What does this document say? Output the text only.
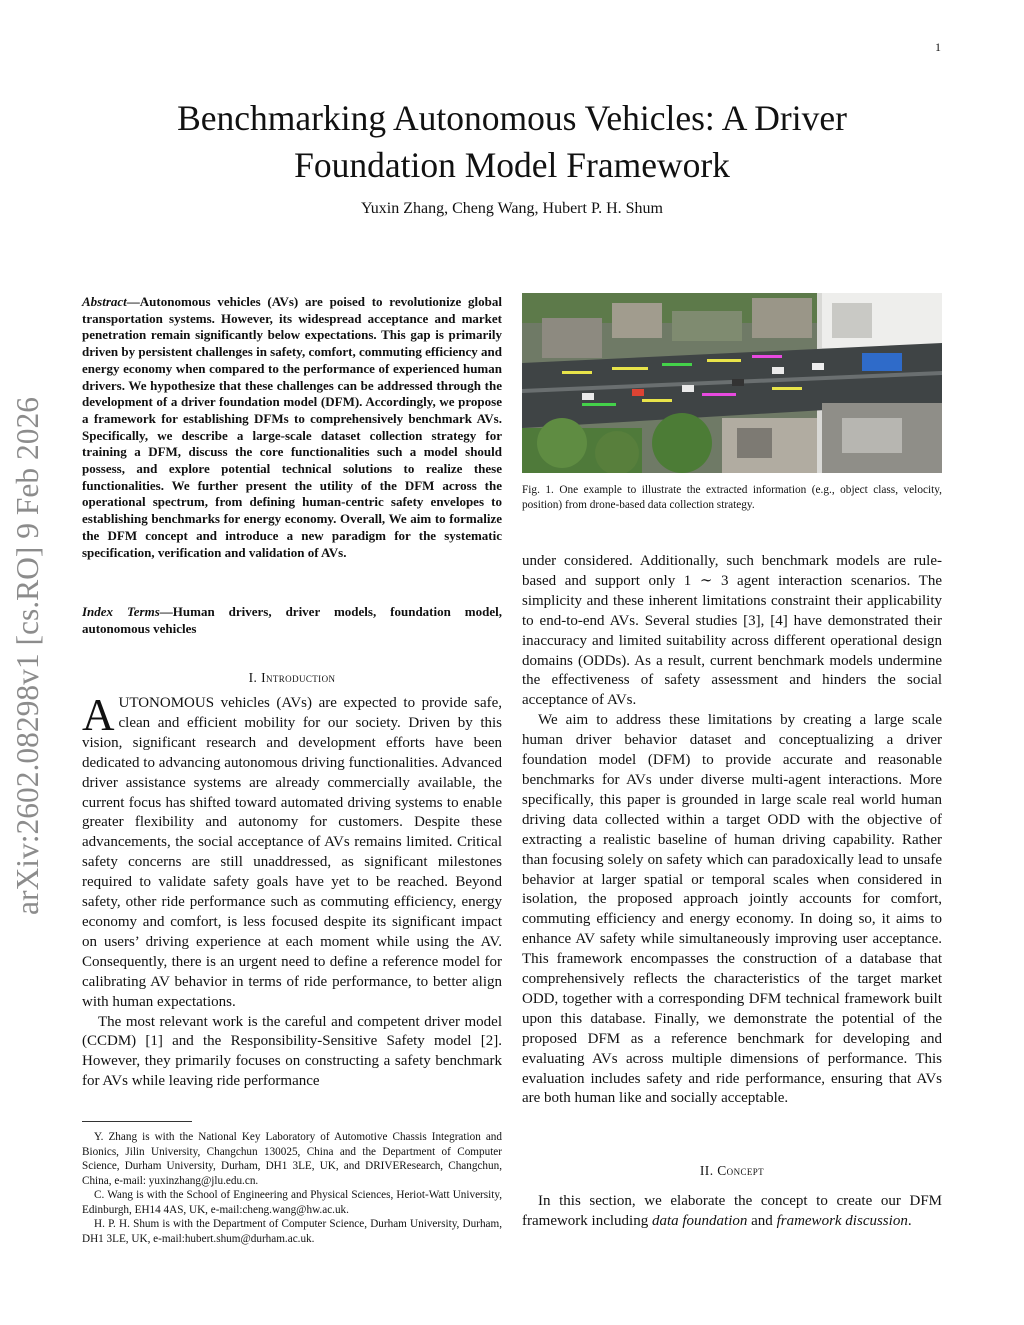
1
arXiv:2602.08298v1 [cs.RO] 9 Feb 2026
Benchmarking Autonomous Vehicles: A Driver
Foundation Model Framework
Yuxin Zhang, Cheng Wang, Hubert P. H. Shum
Abstract—Autonomous vehicles (AVs) are poised to revolutionize global transportation systems. However, its widespread acceptance and market penetration remain significantly below expectations. This gap is primarily driven by persistent challenges in safety, comfort, commuting efficiency and energy economy when compared to the performance of experienced human drivers. We hypothesize that these challenges can be addressed through the development of a driver foundation model (DFM). Accordingly, we propose a framework for establishing DFMs to comprehensively benchmark AVs. Specifically, we describe a large-scale dataset collection strategy for training a DFM, discuss the core functionalities such a model should possess, and explore potential technical solutions to realize these functionalities. We further present the utility of the DFM across the operational spectrum, from defining human-centric safety envelopes to establishing benchmarks for energy economy. Overall, We aim to formalize the DFM concept and introduce a new paradigm for the systematic specification, verification and validation of AVs.
Index Terms—Human drivers, driver models, foundation model, autonomous vehicles
I. Introduction

AUTONOMOUS vehicles (AVs) are expected to provide safe, clean and efficient mobility for our society. Driven by this vision, significant research and development efforts have been dedicated to advancing autonomous driving functionalities. Advanced driver assistance systems are already commercially available, the current focus has shifted toward automated driving systems to enable greater flexibility and autonomy for customers. Despite these advancements, the social acceptance of AVs remains limited. Critical safety concerns are still unaddressed, as significant milestones required to validate safety goals have yet to be reached. Beyond safety, other ride performance such as commuting efficiency, energy economy and comfort, is less focused despite its significant impact on users’ driving experience at each moment while using the AV. Consequently, there is an urgent need to define a reference model for calibrating AV behavior in terms of ride performance, to better align with human expectations.

The most relevant work is the careful and competent driver model (CCDM) [1] and the Responsibility-Sensitive Safety model [2]. However, they primarily focuses on constructing a safety benchmark for AVs while leaving ride performance

Y. Zhang is with the National Key Laboratory of Automotive Chassis Integration and Bionics, Jilin University, Changchun 130025, China and the Department of Computer Science, Durham University, Durham, DH1 3LE, UK, and DRIVEResearch, Changchun, China, e-mail: yuxinzhang@jlu.edu.cn.

C. Wang is with the School of Engineering and Physical Sciences, Heriot-Watt University, Edinburgh, EH14 4AS, UK, e-mail:cheng.wang@hw.ac.uk.

H. P. H. Shum is with the Department of Computer Science, Durham University, Durham, DH1 3LE, UK, e-mail:hubert.shum@durham.ac.uk.

Fig. 1. One example to illustrate the extracted information (e.g., object class, velocity, position) from drone-based data collection strategy.

under considered. Additionally, such benchmark models are rule-based and support only 1 ∼ 3 agent interaction scenarios. The simplicity and these inherent limitations constraint their applicability to end-to-end AVs. Several studies [3], [4] have demonstrated their inaccuracy and limited suitability across different operational design domains (ODDs). As a result, current benchmark models undermine the effectiveness of safety assessment and hinders the social acceptance of AVs.

We aim to address these limitations by creating a large scale human driver behavior dataset and conceptualizing a driver foundation model (DFM) to provide accurate and reasonable benchmarks for AVs under diverse multi-agent interactions. More specifically, this paper is grounded in large scale real world human driving data collected within a target ODD with the objective of extracting a realistic baseline of human driving capability. Rather than focusing solely on safety which can paradoxically lead to unsafe behavior at larger spatial or temporal scales when considered in isolation, the proposed approach jointly accounts for comfort, commuting efficiency and energy economy. In doing so, it aims to enhance AV safety while simultaneously improving user acceptance. This framework encompasses the construction of a database that comprehensively reflects the characteristics of the target market ODD, together with a corresponding DFM technical framework built upon this database. Finally, we demonstrate the potential of the proposed DFM as a reference benchmark for developing and evaluating AVs across multiple dimensions of performance. This evaluation includes safety and ride performance, ensuring that AVs are both human like and socially acceptable.

II. Concept

In this section, we elaborate the concept to create our DFM framework including data foundation and framework discussion.
